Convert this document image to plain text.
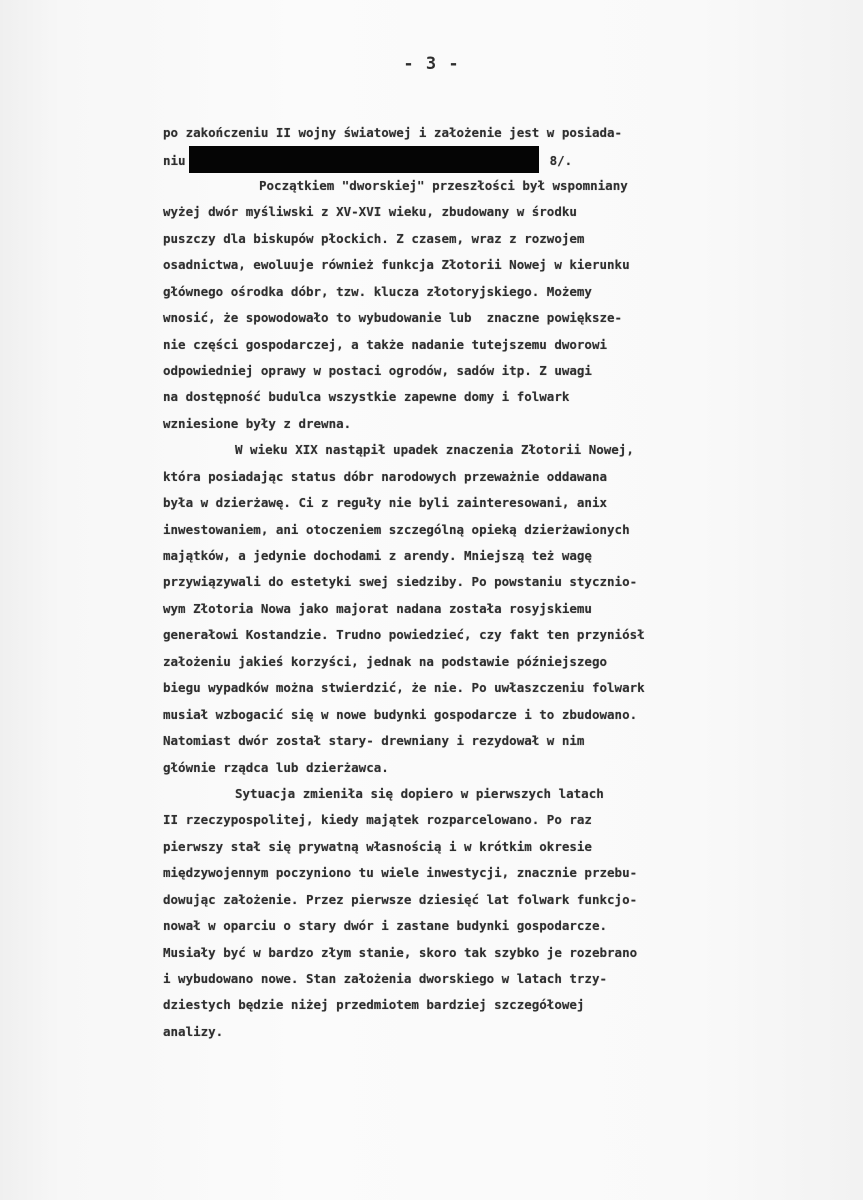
- 3 -
po zakończeniu II wojny światowej i założenie jest w posiada-
niu	8/.
Początkiem "dworskiej" przeszłości był wspomniany
wyżej dwór myśliwski z XV-XVI wieku, zbudowany w środku
puszczy dla biskupów płockich. Z czasem, wraz z rozwojem
osadnictwa, ewoluuje również funkcja Złotorii Nowej w kierunku
głównego ośrodka dóbr, tzw. klucza złotoryjskiego. Możemy
wnosić, że spowodowało to wybudowanie lub  znaczne powiększe-
nie części gospodarczej, a także nadanie tutejszemu dworowi
odpowiedniej oprawy w postaci ogrodów, sadów itp. Z uwagi
na dostępność budulca wszystkie zapewne domy i folwark
wzniesione były z drewna.
W wieku XIX nastąpił upadek znaczenia Złotorii Nowej,
która posiadając status dóbr narodowych przeważnie oddawana
była w dzierżawę. Ci z reguły nie byli zainteresowani, anix
inwestowaniem, ani otoczeniem szczególną opieką dzierżawionych
majątków, a jedynie dochodami z arendy. Mniejszą też wagę
przywiązywali do estetyki swej siedziby. Po powstaniu stycznio-
wym Złotoria Nowa jako majorat nadana została rosyjskiemu
generałowi Kostandzie. Trudno powiedzieć, czy fakt ten przyniósł
założeniu jakieś korzyści, jednak na podstawie późniejszego
biegu wypadków można stwierdzić, że nie. Po uwłaszczeniu folwark
musiał wzbogacić się w nowe budynki gospodarcze i to zbudowano.
Natomiast dwór został stary- drewniany i rezydował w nim
głównie rządca lub dzierżawca.
Sytuacja zmieniła się dopiero w pierwszych latach
II rzeczypospolitej, kiedy majątek rozparcelowano. Po raz
pierwszy stał się prywatną własnością i w krótkim okresie
międzywojennym poczyniono tu wiele inwestycji, znacznie przebu-
dowując założenie. Przez pierwsze dziesięć lat folwark funkcjo-
nował w oparciu o stary dwór i zastane budynki gospodarcze.
Musiały być w bardzo złym stanie, skoro tak szybko je rozebrano
i wybudowano nowe. Stan założenia dworskiego w latach trzy-
dziestych będzie niżej przedmiotem bardziej szczegółowej
analizy.
